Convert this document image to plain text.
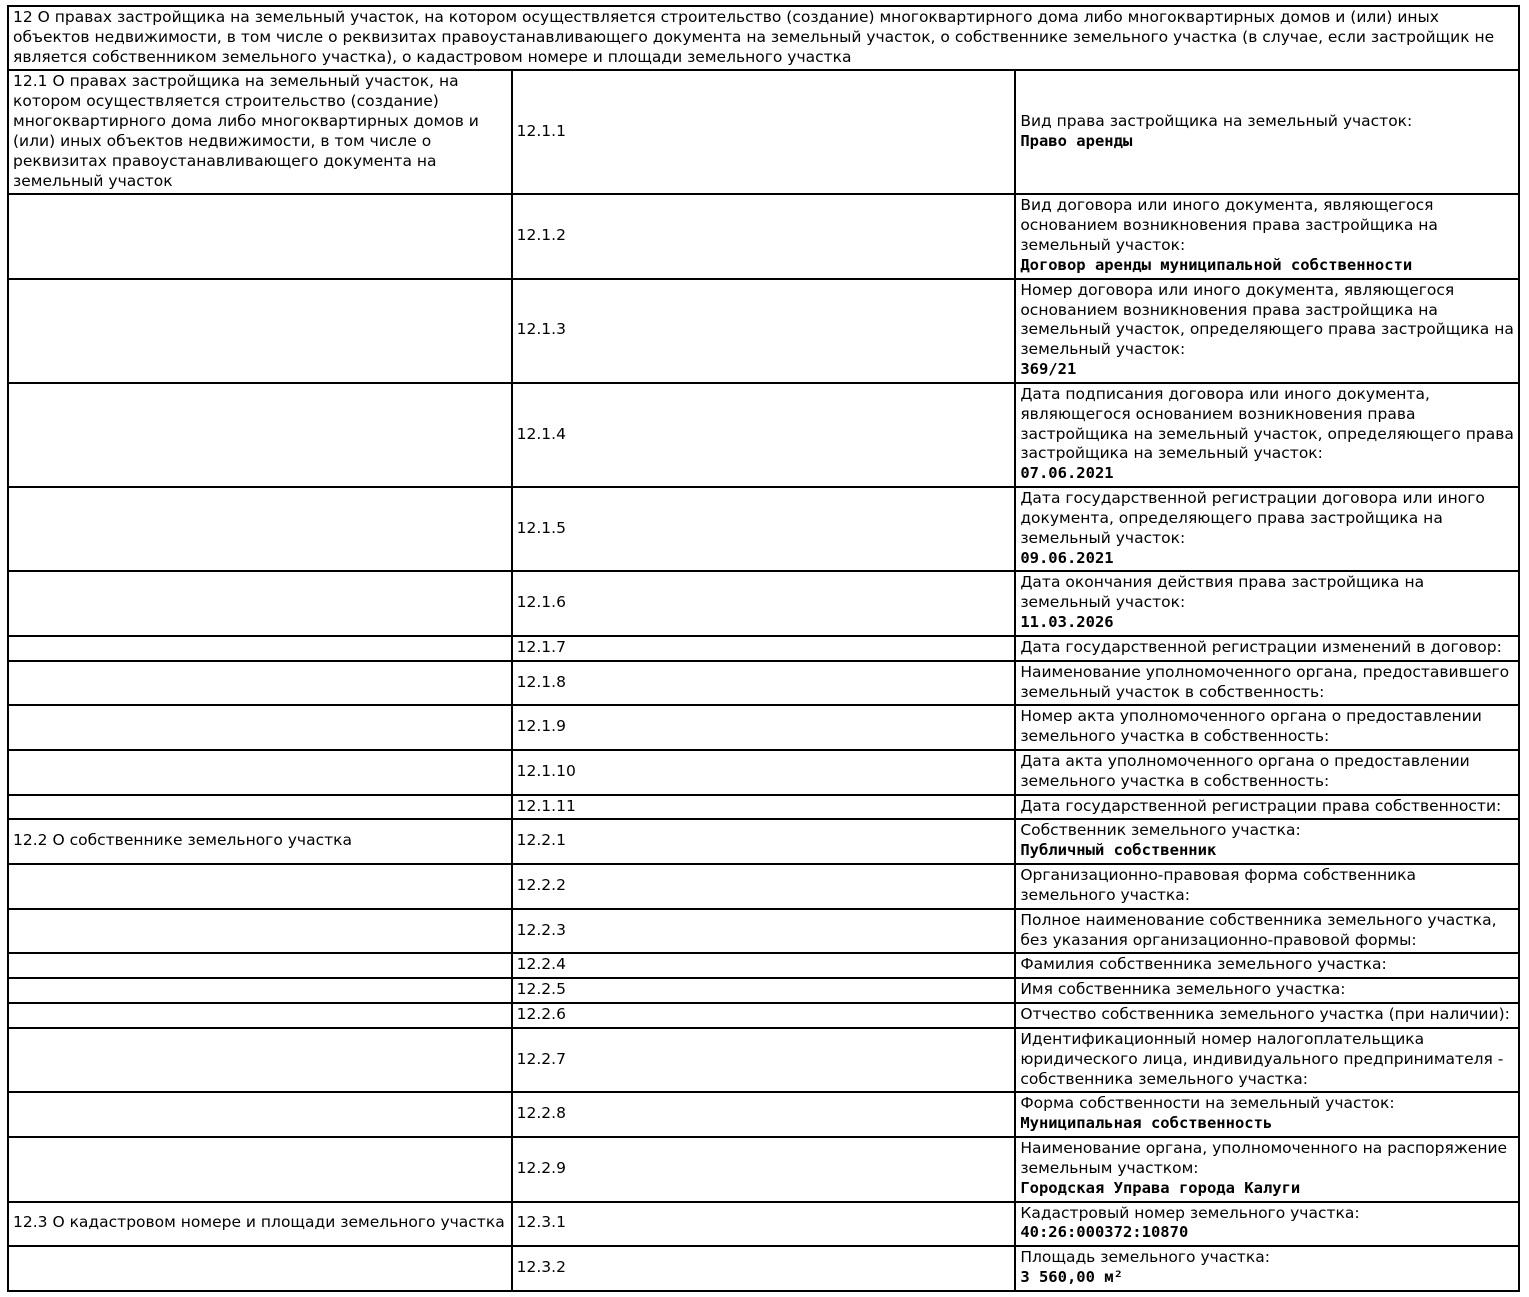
12 О правах застройщика на земельный участок, на котором осуществляется строительство (создание) многоквартирного дома либо многоквартирных домов и (или) иных объектов недвижимости, в том числе о реквизитах правоустанавливающего документа на земельный участок, о собственнике земельного участка (в случае, если застройщик не является собственником земельного участка), о кадастровом номере и площади земельного участка		
12.1 О правах застройщика на земельный участок, на котором осуществляется строительство (создание) многоквартирного дома либо многоквартирных домов и (или) иных объектов недвижимости, в том числе о реквизитах правоустанавливающего документа на земельный участок	12.1.1	Вид права застройщика на земельный участок:
Право аренды

	12.1.2	Вид договора или иного документа, являющегося основанием возникновения права застройщика на земельный участок:
Договор аренды муниципальной собственности

	12.1.3	Номер договора или иного документа, являющегося основанием возникновения права застройщика на земельный участок, определяющего права застройщика на земельный участок:
369/21

	12.1.4	Дата подписания договора или иного документа, являющегося основанием возникновения права застройщика на земельный участок, определяющего права застройщика на земельный участок:
07.06.2021

	12.1.5	Дата государственной регистрации договора или иного документа, определяющего права застройщика на земельный участок:
09.06.2021

	12.1.6	Дата окончания действия права застройщика на земельный участок:
11.03.2026

	12.1.7	Дата государственной регистрации изменений в договор:

	12.1.8	Наименование уполномоченного органа, предоставившего земельный участок в собственность:

	12.1.9	Номер акта уполномоченного органа о предоставлении земельного участка в собственность:

	12.1.10	Дата акта уполномоченного органа о предоставлении земельного участка в собственность:

	12.1.11	Дата государственной регистрации права собственности:

12.2 О собственнике земельного участка	12.2.1	Собственник земельного участка:
Публичный собственник

	12.2.2	Организационно-правовая форма собственника земельного участка:

	12.2.3	Полное наименование собственника земельного участка, без указания организационно-правовой формы:

	12.2.4	Фамилия собственника земельного участка:

	12.2.5	Имя собственника земельного участка:

	12.2.6	Отчество собственника земельного участка (при наличии):

	12.2.7	Идентификационный номер налогоплательщика юридического лица, индивидуального предпринимателя - собственника земельного участка:

	12.2.8	Форма собственности на земельный участок:
Муниципальная собственность

	12.2.9	Наименование органа, уполномоченного на распоряжение земельным участком:
Городская Управа города Калуги

12.3 О кадастровом номере и площади земельного участка	12.3.1	Кадастровый номер земельного участка:
40:26:000372:10870

	12.3.2	Площадь земельного участка:
3 560,00 м²
